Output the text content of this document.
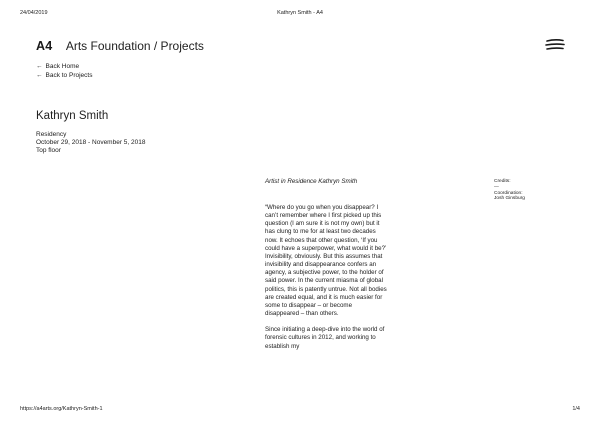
24/04/2019	Kathryn Smith - A4
A4 Arts Foundation / Projects
← Back Home
← Back to Projects
Kathryn Smith
Residency
October 29, 2018 - November 5, 2018
Top floor
Artist in Residence Kathryn Smith

“Where do you go when you disappear? I can’t remember where I first picked up this question (I am sure it is not my own) but it has clung to me for at least two decades now. It echoes that other question, ‘If you could have a superpower, what would it be?’ Invisibility, obviously. But this assumes that invisibility and disappearance confers an agency, a subjective power, to the holder of said power. In the current miasma of global politics, this is patently untrue. Not all bodies are created equal, and it is much easier for some to disappear – or become disappeared – than others.

Since initiating a deep-dive into the world of forensic cultures in 2012, and working to establish my

Credits:
—
Coordination:
Josh Ginsburg
https://a4arts.org/Kathryn-Smith-1	1/4
